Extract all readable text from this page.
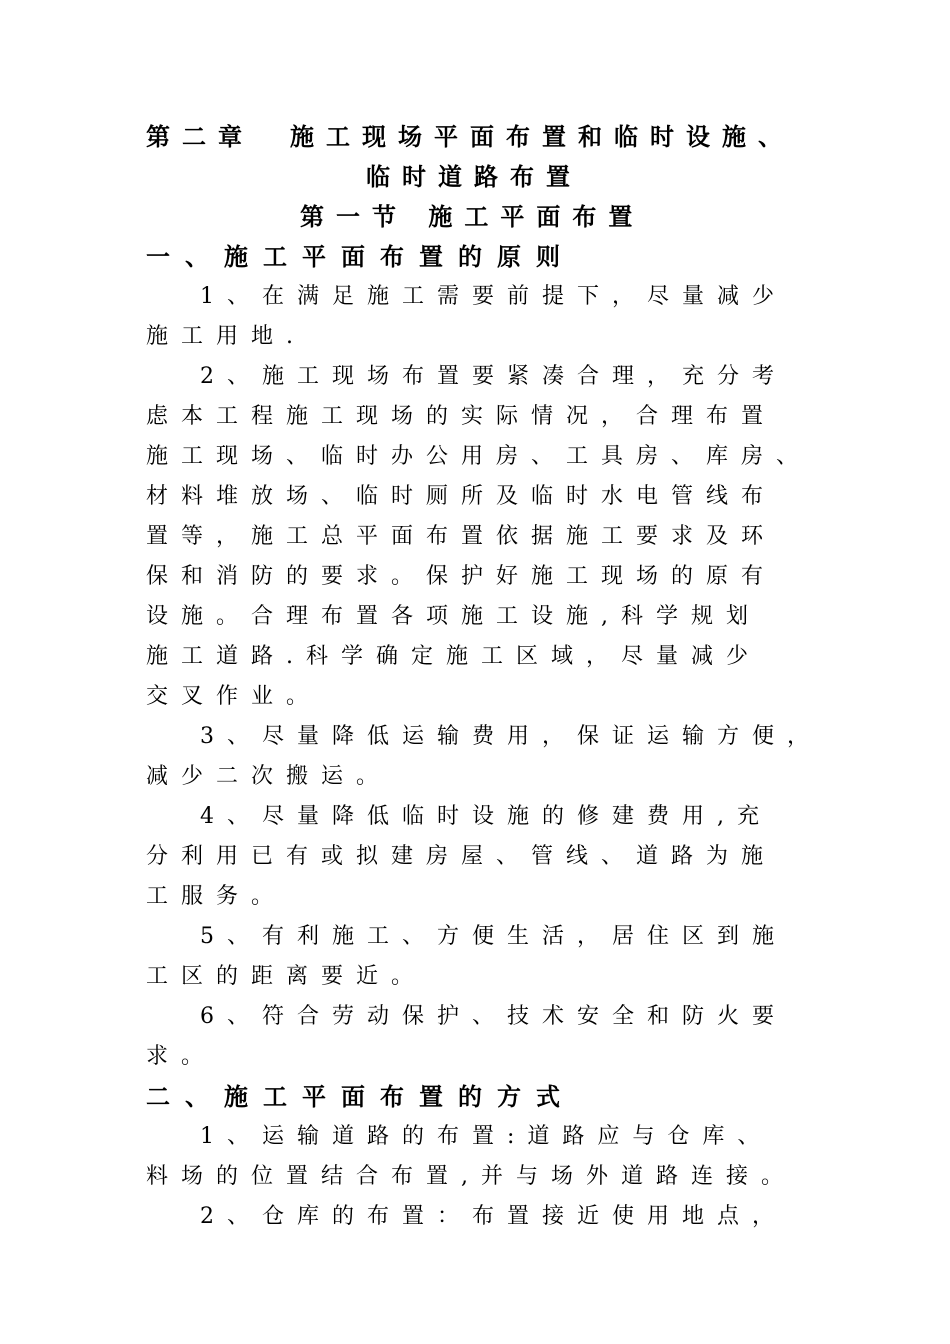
第二章　施工现场平面布置和临时设施、

临时道路布置

第一节 施工平面布置

一、施工平面布置的原则

1、在满足施工需要前提下，尽量减少

施工用地.

2、施工现场布置要紧凑合理，充分考

虑本工程施工现场的实际情况，合理布置

施工现场、临时办公用房、工具房、库房、

材料堆放场、临时厕所及临时水电管线布

置等，施工总平面布置依据施工要求及环

保和消防的要求。保护好施工现场的原有

设施。合理布置各项施工设施,科学规划

施工道路.科学确定施工区域，尽量减少

交叉作业。

3、尽量降低运输费用，保证运输方便，

减少二次搬运。

4、尽量降低临时设施的修建费用,充

分利用已有或拟建房屋、管线、道路为施

工服务。

5、有利施工、方便生活，居住区到施

工区的距离要近。

6、符合劳动保护、技术安全和防火要

求。

二、施工平面布置的方式

1、运输道路的布置:道路应与仓库、

料场的位置结合布置,并与场外道路连接。

2、仓库的布置：布置接近使用地点，
